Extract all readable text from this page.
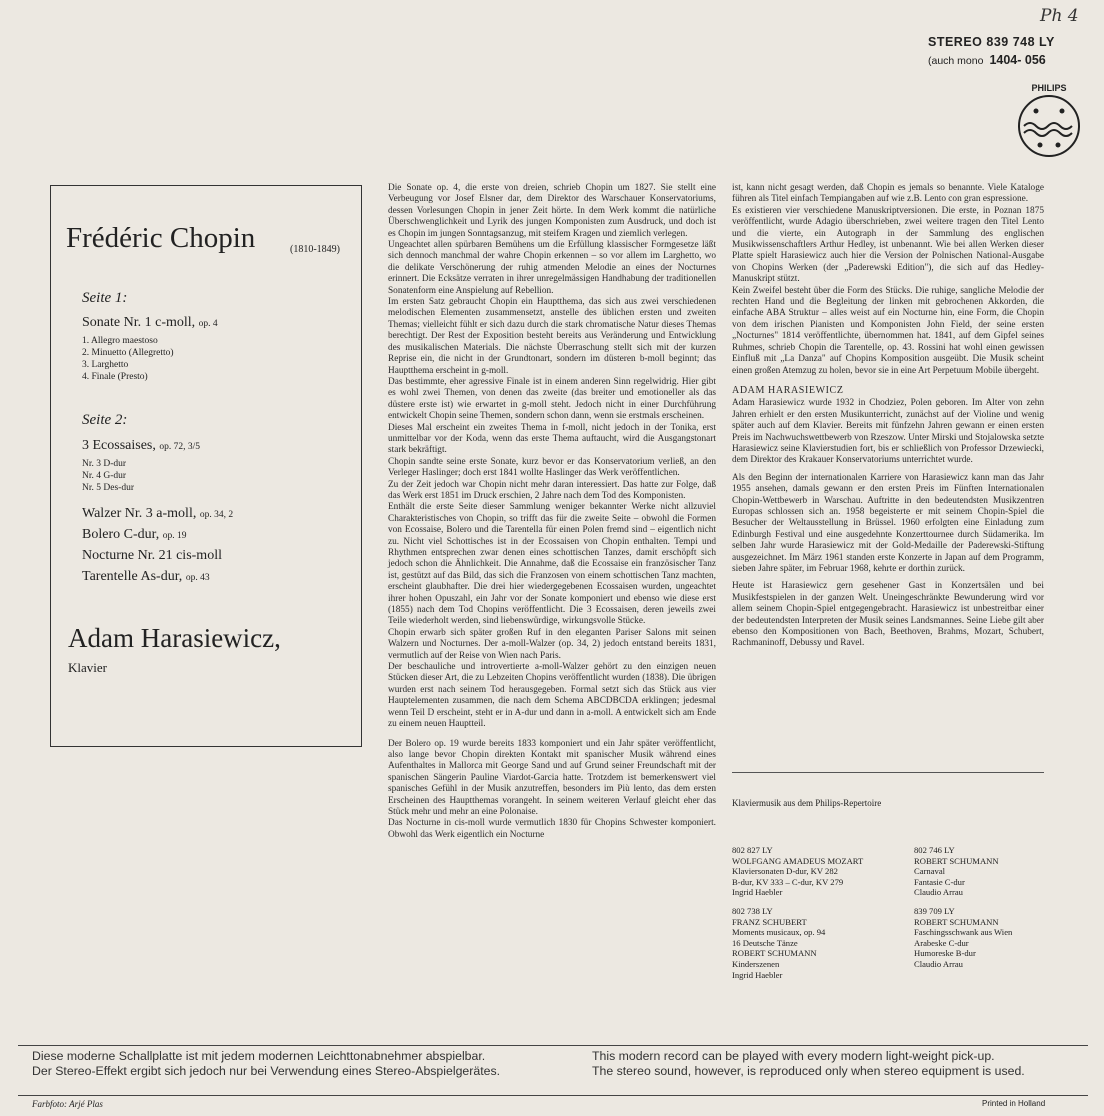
Ph 4
STEREO 839 748 LY
(auch mono 1404- 056
PHILIPS
Frédéric Chopin	(1810-1849)
Seite 1:
Sonate Nr. 1 c-moll, op. 4
1. Allegro maestoso
2. Minuetto (Allegretto)
3. Larghetto
4. Finale (Presto)
Seite 2:
3 Ecossaises, op. 72, 3/5
Nr. 3 D-dur
Nr. 4 G-dur
Nr. 5 Des-dur
Walzer Nr. 3 a-moll, op. 34, 2
Bolero C-dur, op. 19
Nocturne Nr. 21 cis-moll
Tarentelle As-dur, op. 43
Adam Harasiewicz,
Klavier

Die Sonate op. 4, die erste von dreien, schrieb Chopin um 1827. Sie stellt eine Verbeugung vor Josef Elsner dar, dem Direktor des Warschauer Konservatoriums, dessen Vorlesungen Chopin in jener Zeit hörte. In dem Werk kommt die natürliche Überschwenglichkeit und Lyrik des jungen Komponisten zum Ausdruck, und doch ist es Chopin im jungen Sonntagsanzug, mit steifem Kragen und ziemlich verlegen.

Ungeachtet allen spürbaren Bemühens um die Erfüllung klassischer Formgesetze läßt sich dennoch manchmal der wahre Chopin erkennen – so vor allem im Larghetto, wo die delikate Verschönerung der ruhig atmenden Melodie an eines der Nocturnes erinnert. Die Ecksätze verraten in ihrer unregelmässigen Handhabung der traditionellen Sonatenform eine Anspielung auf Rebellion.

Im ersten Satz gebraucht Chopin ein Hauptthema, das sich aus zwei verschiedenen melodischen Elementen zusammensetzt, anstelle des üblichen ersten und zweiten Themas; vielleicht fühlt er sich dazu durch die stark chromatische Natur dieses Themas berechtigt. Der Rest der Exposition besteht bereits aus Veränderung und Entwicklung des musikalischen Materials. Die nächste Überraschung stellt sich mit der kurzen Reprise ein, die nicht in der Grundtonart, sondern im düsteren b-moll beginnt; das Hauptthema erscheint in g-moll.

Das bestimmte, eher agressive Finale ist in einem anderen Sinn regelwidrig. Hier gibt es wohl zwei Themen, von denen das zweite (das breiter und emotioneller als das düstere erste ist) wie erwartet in g-moll steht. Jedoch nicht in einer Durchführung entwickelt Chopin seine Themen, sondern schon dann, wenn sie erstmals erscheinen.

Dieses Mal erscheint ein zweites Thema in f-moll, nicht jedoch in der Tonika, erst unmittelbar vor der Koda, wenn das erste Thema auftaucht, wird die Ausgangstonart stark bekräftigt.

Chopin sandte seine erste Sonate, kurz bevor er das Konservatorium verließ, an den Verleger Haslinger; doch erst 1841 wollte Haslinger das Werk veröffentlichen.

Zu der Zeit jedoch war Chopin nicht mehr daran interessiert. Das hatte zur Folge, daß das Werk erst 1851 im Druck erschien, 2 Jahre nach dem Tod des Komponisten.

Enthält die erste Seite dieser Sammlung weniger bekannter Werke nicht allzuviel Charakteristisches von Chopin, so trifft das für die zweite Seite – obwohl die Formen von Ecossaise, Bolero und die Tarentella für einen Polen fremd sind – eigentlich nicht zu. Nicht viel Schottisches ist in der Ecossaisen von Chopin enthalten. Tempi und Rhythmen entsprechen zwar denen eines schottischen Tanzes, damit erschöpft sich jedoch schon die Ähnlichkeit. Die Annahme, daß die Ecossaise ein französischer Tanz ist, gestützt auf das Bild, das sich die Franzosen von einem schottischen Tanz machten, erscheint glaubhafter. Die drei hier wiedergegebenen Ecossaisen wurden, ungeachtet ihrer hohen Opuszahl, ein Jahr vor der Sonate komponiert und ebenso wie diese erst (1855) nach dem Tod Chopins veröffentlicht. Die 3 Ecossaisen, deren jeweils zwei Teile wiederholt werden, sind liebenswürdige, wirkungsvolle Stücke.

Chopin erwarb sich später großen Ruf in den eleganten Pariser Salons mit seinen Walzern und Nocturnes. Der a-moll-Walzer (op. 34, 2) jedoch entstand bereits 1831, vermutlich auf der Reise von Wien nach Paris.

Der beschauliche und introvertierte a-moll-Walzer gehört zu den einzigen neuen Stücken dieser Art, die zu Lebzeiten Chopins veröffentlicht wurden (1838). Die übrigen wurden erst nach seinem Tod herausgegeben. Formal setzt sich das Stück aus vier Hauptelementen zusammen, die nach dem Schema ABCDBCDA erklingen; jedesmal wenn Teil D erscheint, steht er in A-dur und dann in a-moll. A entwickelt sich am Ende zu einem neuen Hauptteil.

Der Bolero op. 19 wurde bereits 1833 komponiert und ein Jahr später veröffentlicht, also lange bevor Chopin direkten Kontakt mit spanischer Musik während eines Aufenthaltes in Mallorca mit George Sand und auf Grund seiner Freundschaft mit der spanischen Sängerin Pauline Viardot-Garcia hatte. Trotzdem ist bemerkenswert viel spanisches Gefühl in der Musik anzutreffen, besonders im Più lento, das dem ersten Erscheinen des Hauptthemas vorangeht. In seinem weiteren Verlauf gleicht eher das Stück mehr und mehr an eine Polonaise.

Das Nocturne in cis-moll wurde vermutlich 1830 für Chopins Schwester komponiert. Obwohl das Werk eigentlich ein Nocturne

ist, kann nicht gesagt werden, daß Chopin es jemals so benannte. Viele Kataloge führen als Titel einfach Tempiangaben auf wie z.B. Lento con gran espressione.

Es existieren vier verschiedene Manuskriptversionen. Die erste, in Poznan 1875 veröffentlicht, wurde Adagio überschrieben, zwei weitere tragen den Titel Lento und die vierte, ein Autograph in der Sammlung des englischen Musikwissenschaftlers Arthur Hedley, ist unbenannt. Wie bei allen Werken dieser Platte spielt Harasiewicz auch hier die Version der Polnischen National-Ausgabe von Chopins Werken (der „Paderewski Edition"), die sich auf das Hedley-Manuskript stützt.

Kein Zweifel besteht über die Form des Stücks. Die ruhige, sangliche Melodie der rechten Hand und die Begleitung der linken mit gebrochenen Akkorden, die einfache ABA Struktur – alles weist auf ein Nocturne hin, eine Form, die Chopin von dem irischen Pianisten und Komponisten John Field, der seine ersten „Nocturnes" 1814 veröffentlichte, übernommen hat. 1841, auf dem Gipfel seines Ruhmes, schrieb Chopin die Tarentelle, op. 43. Rossini hat wohl einen gewissen Einfluß mit „La Danza" auf Chopins Komposition ausgeübt. Die Musik scheint einen großen Atemzug zu holen, bevor sie in eine Art Perpetuum Mobile übergeht.

ADAM HARASIEWICZ

Adam Harasiewicz wurde 1932 in Chodziez, Polen geboren. Im Alter von zehn Jahren erhielt er den ersten Musikunterricht, zunächst auf der Violine und wenig später auch auf dem Klavier. Bereits mit fünfzehn Jahren gewann er einen ersten Preis im Nachwuchswettbewerb von Rzeszow. Unter Mirski und Stojalowska setzte Harasiewicz seine Klavierstudien fort, bis er schließlich von Professor Drzewiecki, dem Direktor des Krakauer Konservatoriums unterrichtet wurde.

Als den Beginn der internationalen Karriere von Harasiewicz kann man das Jahr 1955 ansehen, damals gewann er den ersten Preis im Fünften Internationalen Chopin-Wettbewerb in Warschau. Auftritte in den bedeutendsten Musikzentren Europas schlossen sich an. 1958 begeisterte er mit seinem Chopin-Spiel die Besucher der Weltausstellung in Brüssel. 1960 erfolgten eine Einladung zum Edinburgh Festival und eine ausgedehnte Konzerttournee durch Südamerika. Im selben Jahr wurde Harasiewicz mit der Gold-Medaille der Paderewski-Stiftung ausgezeichnet. Im März 1961 standen erste Konzerte in Japan auf dem Programm, sieben Jahre später, im Februar 1968, kehrte er dorthin zurück.

Heute ist Harasiewicz gern gesehener Gast in Konzertsälen und bei Musikfestspielen in der ganzen Welt. Uneingeschränkte Bewunderung wird vor allem seinem Chopin-Spiel entgegengebracht. Harasiewicz ist unbestreitbar einer der bedeutendsten Interpreten der Musik seines Landsmannes. Seine Liebe gilt aber ebenso den Kompositionen von Bach, Beethoven, Brahms, Mozart, Schubert, Rachmaninoff, Debussy und Ravel.

Klaviermusik aus dem Philips-Repertoire
802 827 LY
WOLFGANG AMADEUS MOZART
Klaviersonaten D-dur, KV 282
B-dur, KV 333 – C-dur, KV 279
Ingrid Haebler
802 746 LY
ROBERT SCHUMANN
Carnaval
Fantasie C-dur
Claudio Arrau
802 738 LY
FRANZ SCHUBERT
Moments musicaux, op. 94
16 Deutsche Tänze
ROBERT SCHUMANN
Kinderszenen
Ingrid Haebler
839 709 LY
ROBERT SCHUMANN
Faschingsschwank aus Wien
Arabeske C-dur
Humoreske B-dur
Claudio Arrau
Diese moderne Schallplatte ist mit jedem modernen Leichttonabnehmer abspielbar.
Der Stereo-Effekt ergibt sich jedoch nur bei Verwendung eines Stereo-Abspielgerätes.
This modern record can be played with every modern light-weight pick-up.
The stereo sound, however, is reproduced only when stereo equipment is used.
Farbfoto: Arjé Plas	Printed in Holland
